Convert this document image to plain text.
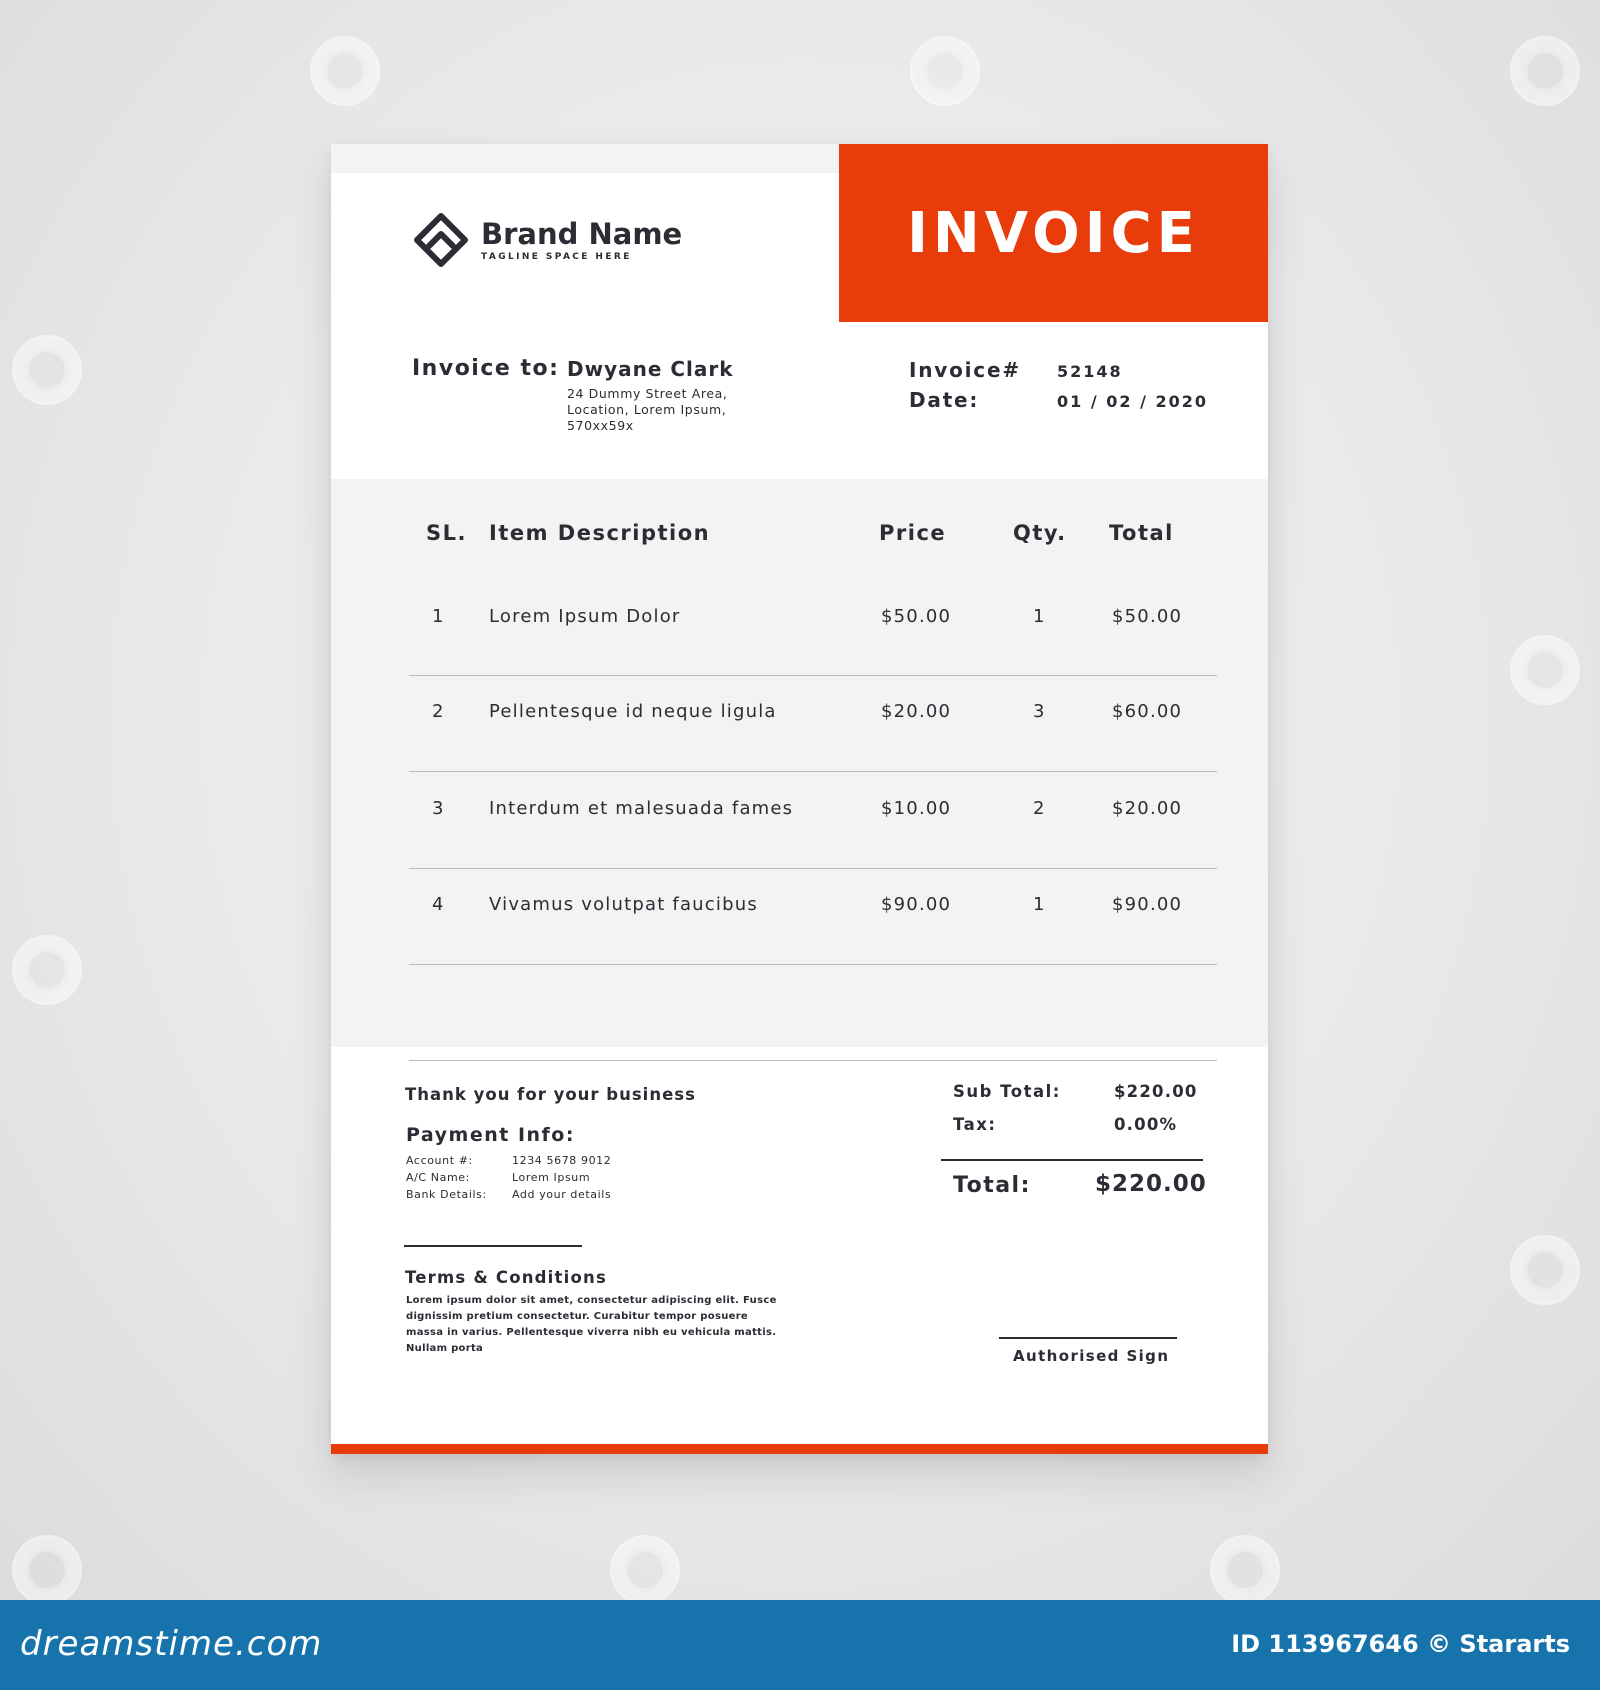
Brand Name
TAGLINE SPACE HERE	INVOICE
Invoice to: Dwyane Clark
24 Dummy Street Area,
Location, Lorem Ipsum,
570xx59x
Invoice# 52148
Date:	01 / 02 / 2020
SL. Item Description	Price	Qty. Total
1 Lorem Ipsum Dolor	$50.00	1	$50.00
2 Pellentesque id neque ligula	$20.00	3	$60.00
3 Interdum et malesuada fames	$10.00	2	$20.00
4 Vivamus volutpat faucibus	$90.00	1	$90.00
Thank you for your business
Payment Info:
Account #:	1234 5678 9012
A/C Name:	Lorem Ipsum
Bank Details: Add your details
Terms & Conditions
Lorem ipsum dolor sit amet, consectetur adipiscing elit. Fusce dignissim pretium consectetur. Curabitur tempor posuere massa in varius. Pellentesque viverra nibh eu vehicula mattis. Nullam porta
Sub Total:	$220.00
Tax:	0.00%
Total:	$220.00
Authorised Sign
dreamstime.com	ID 113967646 © Stararts
